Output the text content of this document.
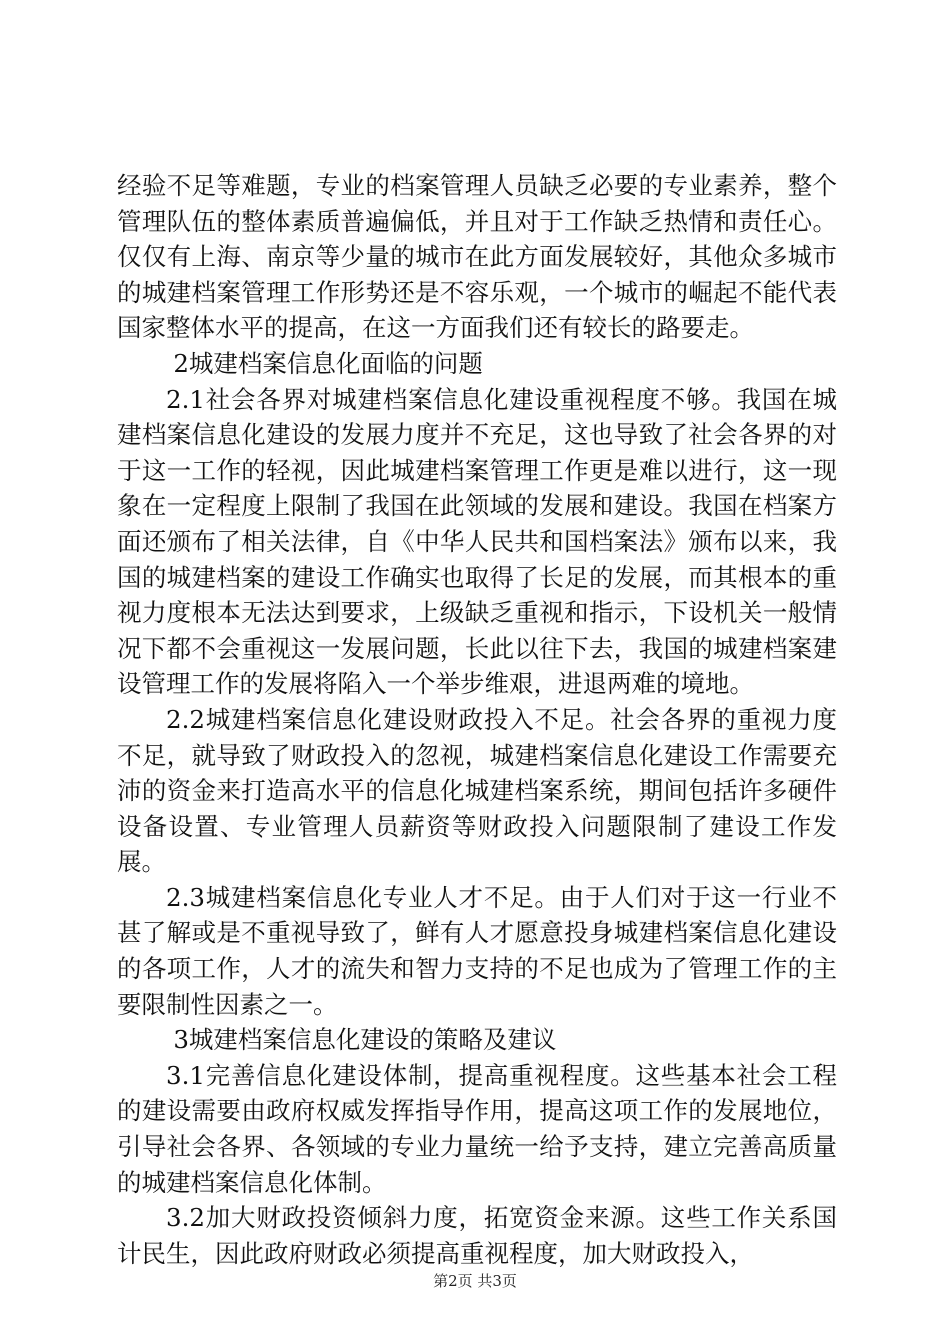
经验不足等难题，专业的档案管理人员缺乏必要的专业素养，整个管理队伍的整体素质普遍偏低，并且对于工作缺乏热情和责任心。仅仅有上海、南京等少量的城市在此方面发展较好，其他众多城市的城建档案管理工作形势还是不容乐观，一个城市的崛起不能代表国家整体水平的提高，在这一方面我们还有较长的路要走。

2城建档案信息化面临的问题

2.1社会各界对城建档案信息化建设重视程度不够。我国在城建档案信息化建设的发展力度并不充足，这也导致了社会各界的对于这一工作的轻视，因此城建档案管理工作更是难以进行，这一现象在一定程度上限制了我国在此领域的发展和建设。我国在档案方面还颁布了相关法律，自《中华人民共和国档案法》颁布以来，我国的城建档案的建设工作确实也取得了长足的发展，而其根本的重视力度根本无法达到要求，上级缺乏重视和指示，下设机关一般情况下都不会重视这一发展问题，长此以往下去，我国的城建档案建设管理工作的发展将陷入一个举步维艰，进退两难的境地。

2.2城建档案信息化建设财政投入不足。社会各界的重视力度不足，就导致了财政投入的忽视，城建档案信息化建设工作需要充沛的资金来打造高水平的信息化城建档案系统，期间包括许多硬件设备设置、专业管理人员薪资等财政投入问题限制了建设工作发展。

2.3城建档案信息化专业人才不足。由于人们对于这一行业不甚了解或是不重视导致了，鲜有人才愿意投身城建档案信息化建设的各项工作，人才的流失和智力支持的不足也成为了管理工作的主要限制性因素之一。

3城建档案信息化建设的策略及建议

3.1完善信息化建设体制，提高重视程度。这些基本社会工程的建设需要由政府权威发挥指导作用，提高这项工作的发展地位，引导社会各界、各领域的专业力量统一给予支持，建立完善高质量的城建档案信息化体制。

3.2加大财政投资倾斜力度，拓宽资金来源。这些工作关系国计民生，因此政府财政必须提高重视程度，加大财政投入，

第2页 共3页
